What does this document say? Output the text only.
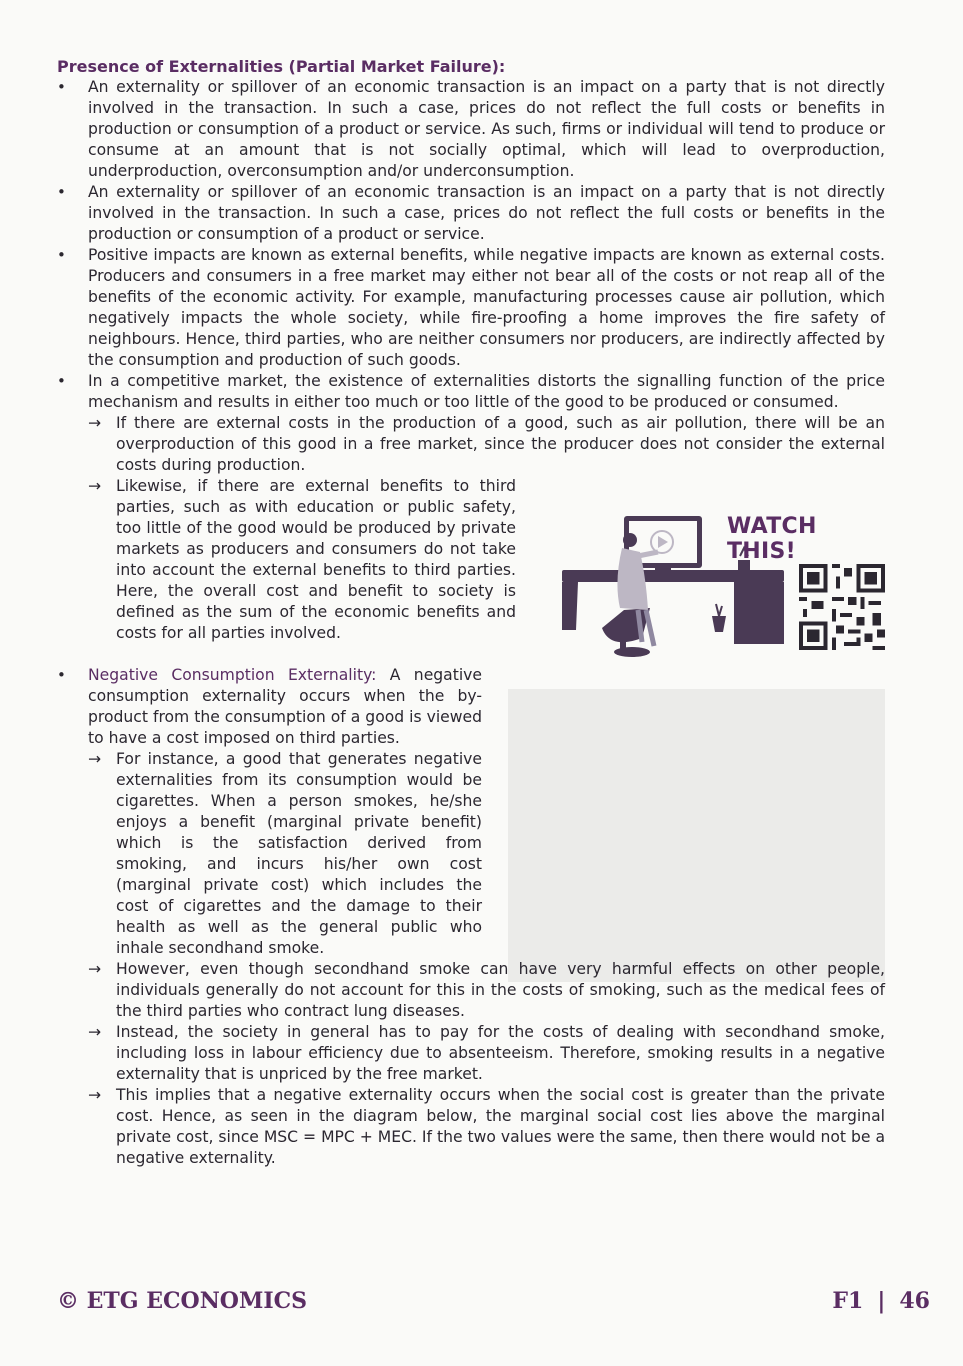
Presence of Externalities (Partial Market Failure):

• An externality or spillover of an economic transaction is an impact on a party that is not directly involved in the transaction. In such a case, prices do not reflect the full costs or benefits in production or consumption of a product or service. As such, firms or individual will tend to produce or consume at an amount that is not socially optimal, which will lead to overproduction, underproduction, overconsumption and/or underconsumption.

• An externality or spillover of an economic transaction is an impact on a party that is not directly involved in the transaction. In such a case, prices do not reflect the full costs or benefits in the production or consumption of a product or service.

• Positive impacts are known as external benefits, while negative impacts are known as external costs. Producers and consumers in a free market may either not bear all of the costs or not reap all of the benefits of the economic activity. For example, manufacturing processes cause air pollution, which negatively impacts the whole society, while fire-proofing a home improves the fire safety of neighbours. Hence, third parties, who are neither consumers nor producers, are indirectly affected by the consumption and production of such goods.

• In a competitive market, the existence of externalities distorts the signalling function of the price mechanism and results in either too much or too little of the good to be produced or consumed.

→ If there are external costs in the production of a good, such as air pollution, there will be an overproduction of this good in a free market, since the producer does not consider the external costs during production.

→ Likewise, if there are external benefits to third parties, such as with education or public safety, too little of the good would be produced by private markets as producers and consumers do not take into account the external benefits to third parties. Here, the overall cost and benefit to society is defined as the sum of the economic benefits and costs for all parties involved.

WATCH THIS!

• Negative Consumption Externality: A negative consumption externality occurs when the by-product from the consumption of a good is viewed to have a cost imposed on third parties.

→ For instance, a good that generates negative externalities from its consumption would be cigarettes. When a person smokes, he/she enjoys a benefit (marginal private benefit) which is the satisfaction derived from smoking, and incurs his/her own cost (marginal private cost) which includes the cost of cigarettes and the damage to their health as well as the general public who inhale secondhand smoke.

→ However, even though secondhand smoke can have very harmful effects on other people, individuals generally do not account for this in the costs of smoking, such as the medical fees of the third parties who contract lung diseases.

→ Instead, the society in general has to pay for the costs of dealing with secondhand smoke, including loss in labour efficiency due to absenteeism. Therefore, smoking results in a negative externality that is unpriced by the free market.

→ This implies that a negative externality occurs when the social cost is greater than the private cost. Hence, as seen in the diagram below, the marginal social cost lies above the marginal private cost, since MSC = MPC + MEC. If the two values were the same, then there would not be a negative externality.

© ETG ECONOMICS	F1 | 46
